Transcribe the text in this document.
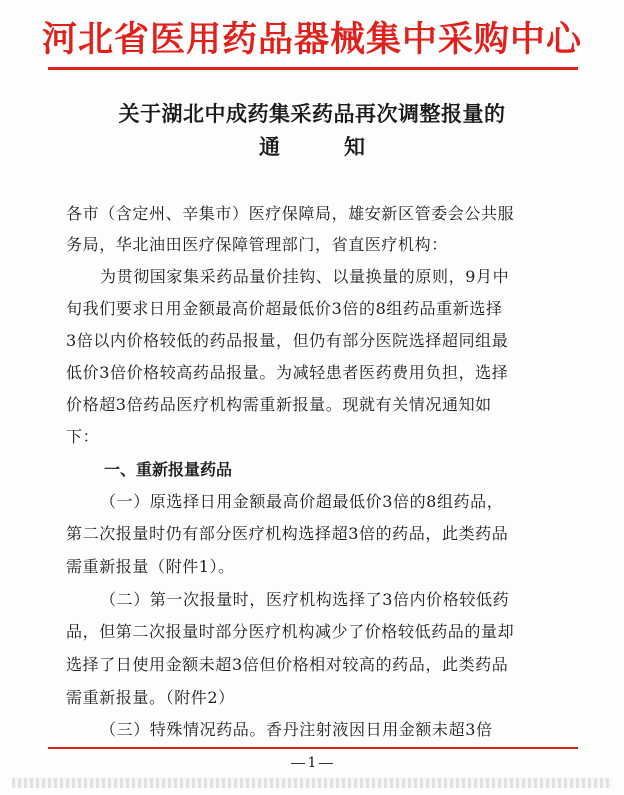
河北省医用药品器械集中采购中心
关于湖北中成药集采药品再次调整报量的
通知
各市（含定州、辛集市）医疗保障局，雄安新区管委会公共服
务局，华北油田医疗保障管理部门，省直医疗机构：
为贯彻国家集采药品量价挂钩、以量换量的原则，9月中
旬我们要求日用金额最高价超最低价3倍的8组药品重新选择
3倍以内价格较低的药品报量，但仍有部分医院选择超同组最
低价3倍价格较高药品报量。为减轻患者医药费用负担，选择
价格超3倍药品医疗机构需重新报量。现就有关情况通知如
下：
一、重新报量药品
（一）原选择日用金额最高价超最低价3倍的8组药品，
第二次报量时仍有部分医疗机构选择超3倍的药品，此类药品
需重新报量（附件1）。
（二）第一次报量时，医疗机构选择了3倍内价格较低药
品，但第二次报量时部分医疗机构减少了价格较低药品的量却
选择了日使用金额未超3倍但价格相对较高的药品，此类药品
需重新报量。（附件2）
（三）特殊情况药品。香丹注射液因日用金额未超3倍
1
